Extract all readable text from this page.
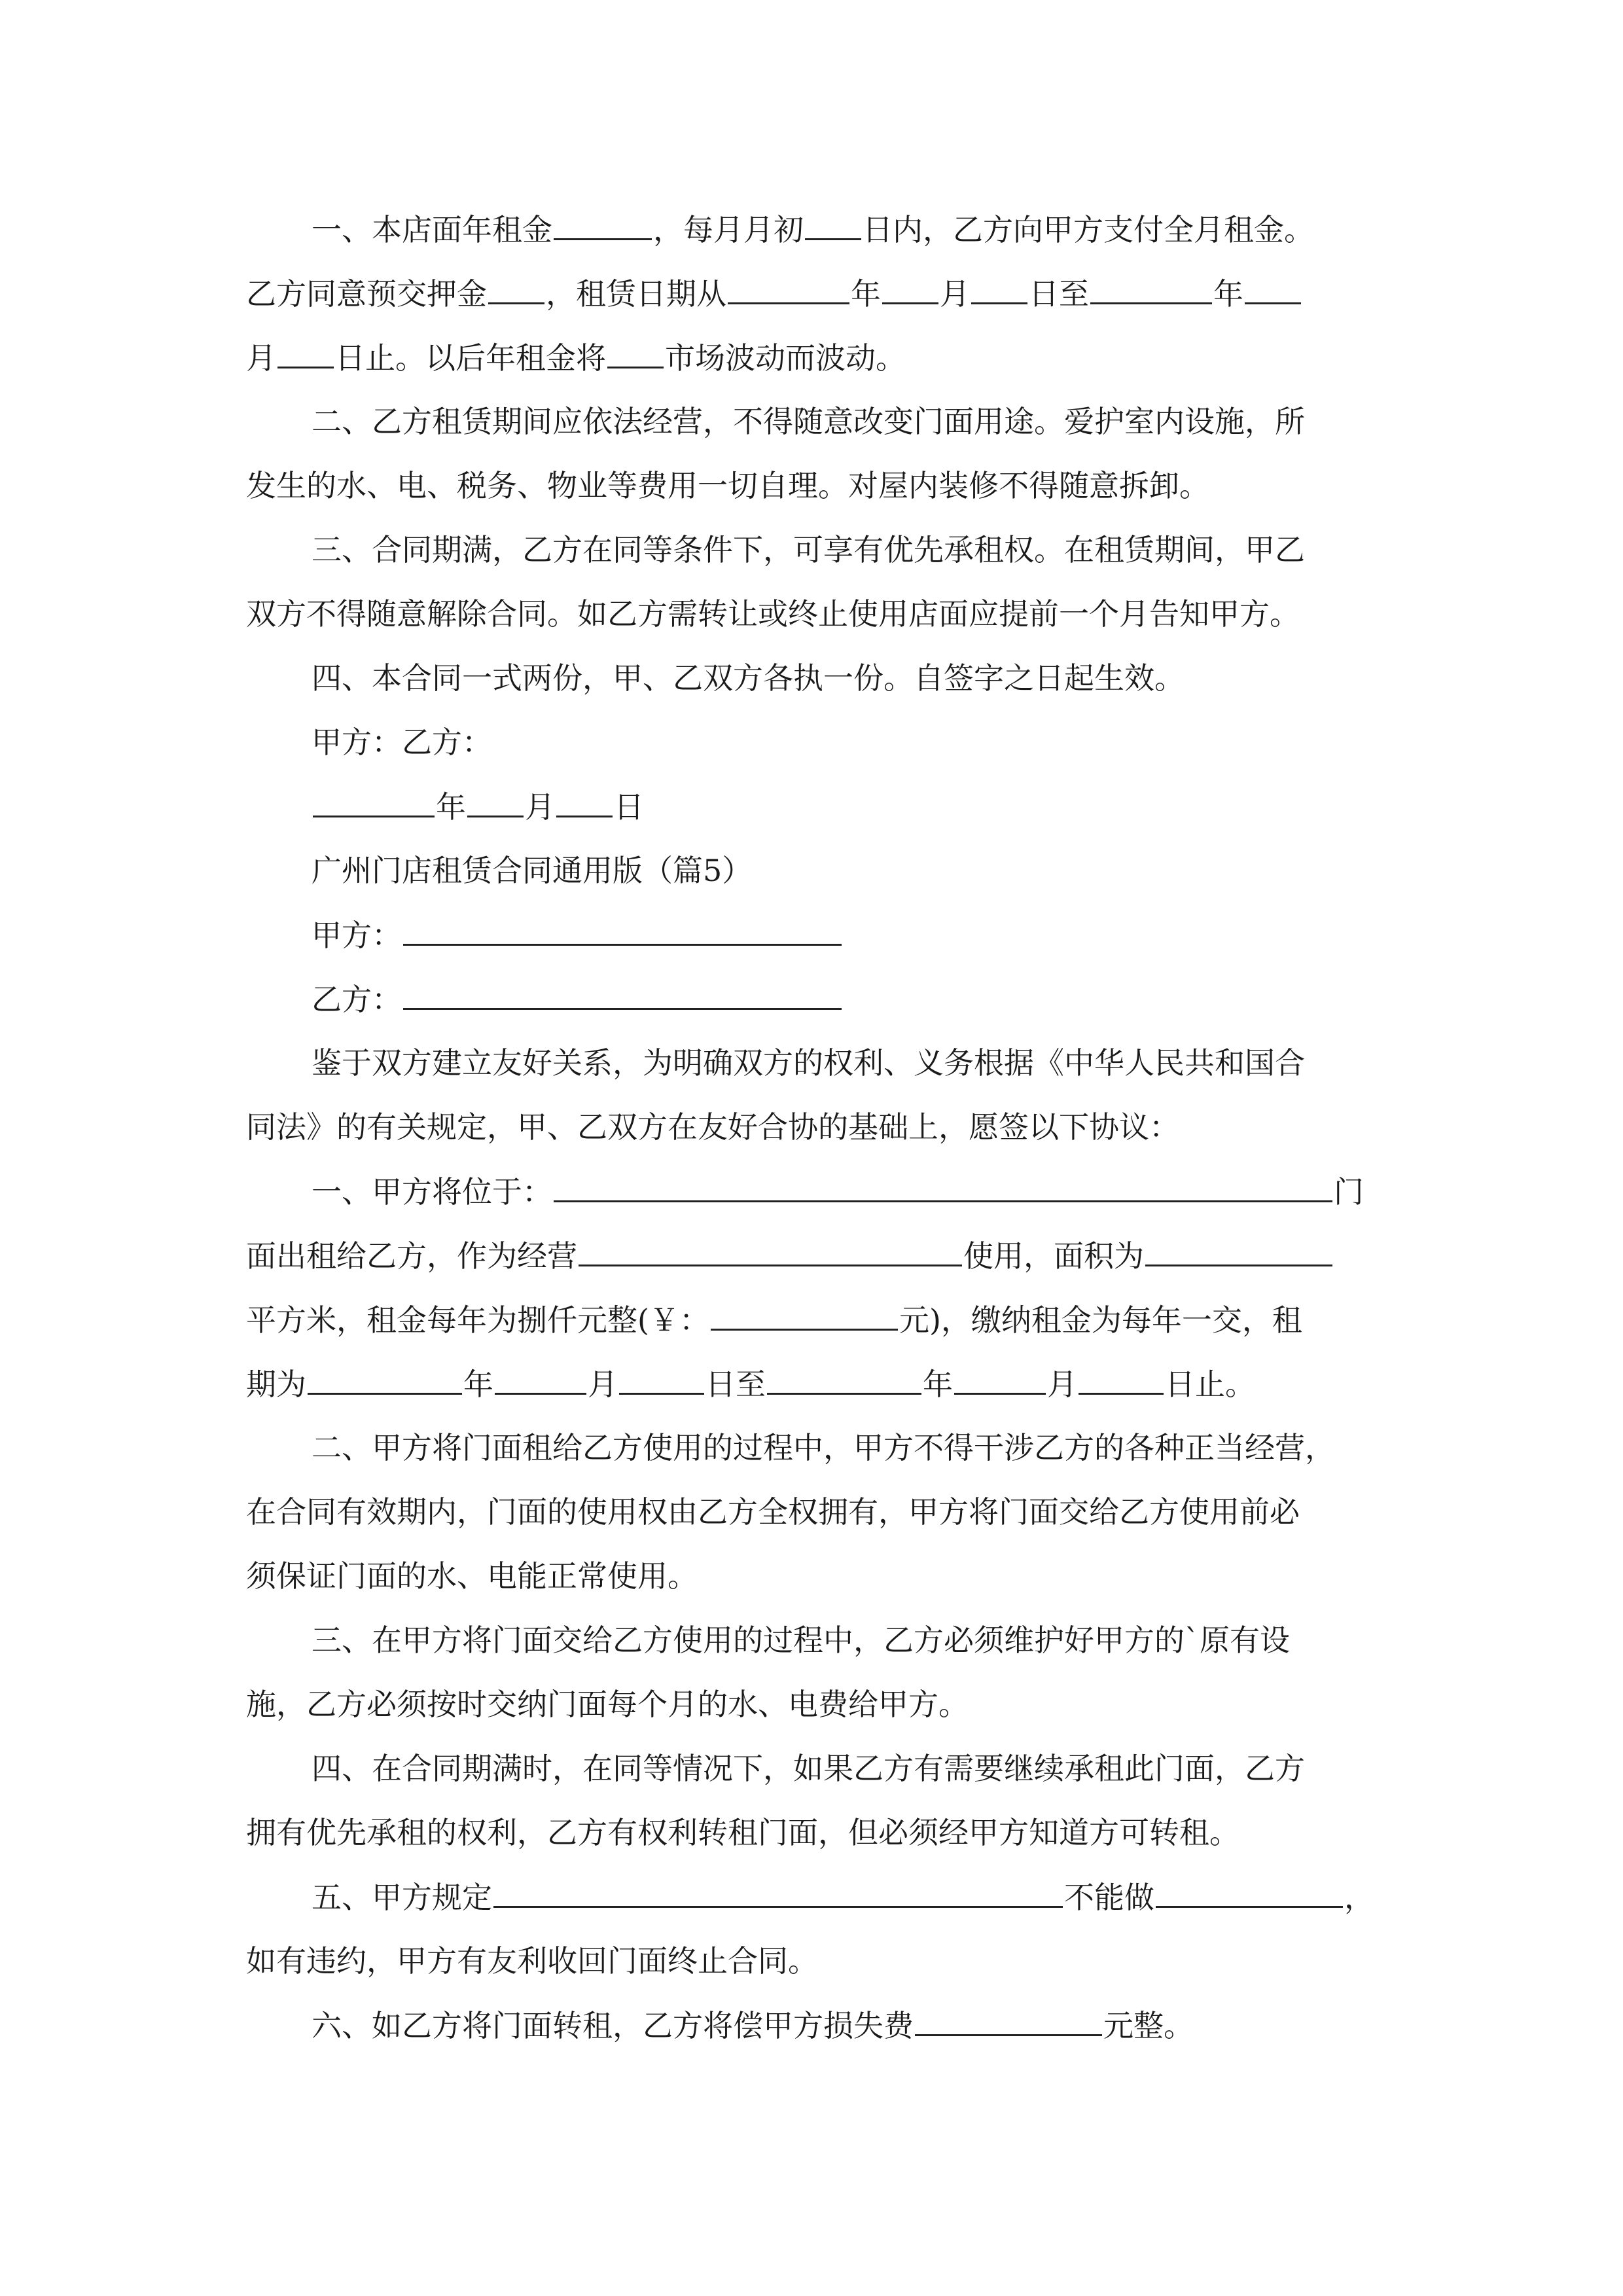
一、本店面年租金	，每月月初 日内，乙方向甲方支付全月租金。
乙方同意预交押金 ，租赁日期从	年 月 日至	年
月 日止。以后年租金将 市场波动而波动。
二、乙方租赁期间应依法经营，不得随意改变门面用途。爱护室内设施，所
发生的水、电、税务、物业等费用一切自理。对屋内装修不得随意拆卸。
三、合同期满，乙方在同等条件下，可享有优先承租权。在租赁期间，甲乙
双方不得随意解除合同。如乙方需转让或终止使用店面应提前一个月告知甲方。
四、本合同一式两份，甲、乙双方各执一份。自签字之日起生效。
甲方：乙方：
年 月 日
广州门店租赁合同通用版（篇5）
甲方：
乙方：
鉴于双方建立友好关系，为明确双方的权利、义务根据《中华人民共和国合
同法》的有关规定，甲、乙双方在友好合协的基础上，愿签以下协议：
一、甲方将位于：	门
面出租给乙方，作为经营	使用，面积为
平方米，租金每年为捌仟元整(￥：	元)，缴纳租金为每年一交，租
期为	年	月	日至	年	月	日止。
二、甲方将门面租给乙方使用的过程中，甲方不得干涉乙方的各种正当经营，
在合同有效期内，门面的使用权由乙方全权拥有，甲方将门面交给乙方使用前必
须保证门面的水、电能正常使用。
三、在甲方将门面交给乙方使用的过程中，乙方必须维护好甲方的`原有设
施，乙方必须按时交纳门面每个月的水、电费给甲方。
四、在合同期满时，在同等情况下，如果乙方有需要继续承租此门面，乙方
拥有优先承租的权利，乙方有权利转租门面，但必须经甲方知道方可转租。
五、甲方规定	不能做	，
如有违约，甲方有友利收回门面终止合同。
六、如乙方将门面转租，乙方将偿甲方损失费	元整。
